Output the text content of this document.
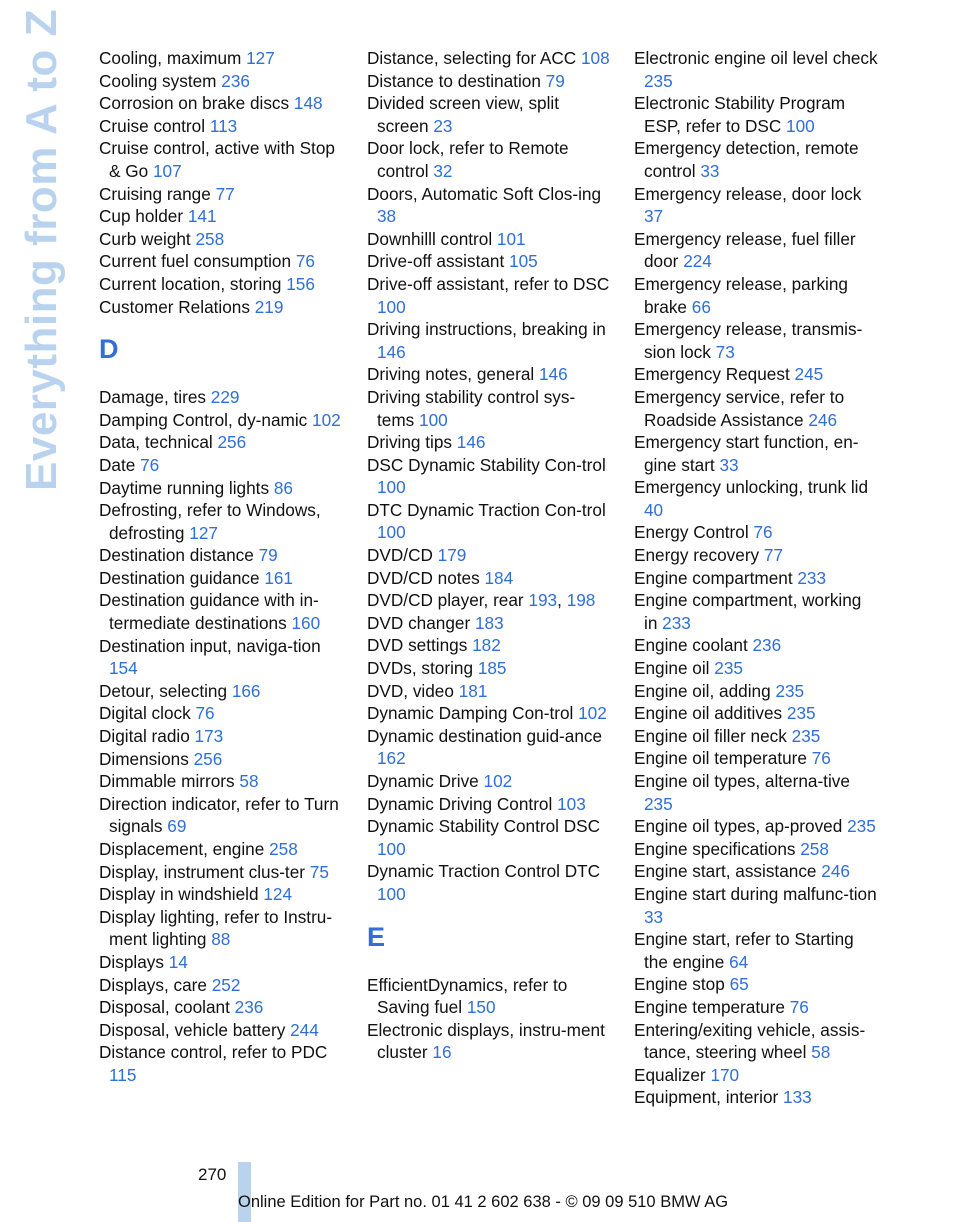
Everything from A to Z Cooling, maximum 127
Cooling system 236
Corrosion on brake discs 148
Cruise control 113
Cruise control, active with Stop & Go 107
Cruising range 77
Cup holder 141
Curb weight 258
Current fuel consumption 76
Current location, storing 156
Customer Relations 219
D
Damage, tires 229
Damping Control, dy-namic 102
Data, technical 256
Date 76
Daytime running lights 86
Defrosting, refer to Windows, defrosting 127
Destination distance 79
Destination guidance 161
Destination guidance with in-termediate destinations 160
Destination input, naviga-tion 154
Detour, selecting 166
Digital clock 76
Digital radio 173
Dimensions 256
Dimmable mirrors 58
Direction indicator, refer to Turn signals 69
Displacement, engine 258
Display, instrument clus-ter 75
Display in windshield 124
Display lighting, refer to Instru-ment lighting 88
Displays 14
Displays, care 252
Disposal, coolant 236
Disposal, vehicle battery 244
Distance control, refer to PDC 115
Distance, selecting for ACC 108
Distance to destination 79
Divided screen view, split screen 23
Door lock, refer to Remote control 32
Doors, Automatic Soft Clos-ing 38
Downhilll control 101
Drive-off assistant 105
Drive-off assistant, refer to DSC 100
Driving instructions, breaking in 146
Driving notes, general 146
Driving stability control sys-tems 100
Driving tips 146
DSC Dynamic Stability Con-trol 100
DTC Dynamic Traction Con-trol 100
DVD/CD 179
DVD/CD notes 184
DVD/CD player, rear 193, 198
DVD changer 183
DVD settings 182
DVDs, storing 185
DVD, video 181
Dynamic Damping Con-trol 102
Dynamic destination guid-ance 162
Dynamic Drive 102
Dynamic Driving Control 103
Dynamic Stability Control DSC 100
Dynamic Traction Control DTC 100
E
EfficientDynamics, refer to Saving fuel 150
Electronic displays, instru-ment cluster 16
Electronic engine oil level check 235
Electronic Stability Program ESP, refer to DSC 100
Emergency detection, remote control 33
Emergency release, door lock 37
Emergency release, fuel filler door 224
Emergency release, parking brake 66
Emergency release, transmis-sion lock 73
Emergency Request 245
Emergency service, refer to Roadside Assistance 246
Emergency start function, en-gine start 33
Emergency unlocking, trunk lid 40
Energy Control 76
Energy recovery 77
Engine compartment 233
Engine compartment, working in 233
Engine coolant 236
Engine oil 235
Engine oil, adding 235
Engine oil additives 235
Engine oil filler neck 235
Engine oil temperature 76
Engine oil types, alterna-tive 235
Engine oil types, ap-proved 235
Engine specifications 258
Engine start, assistance 246
Engine start during malfunc-tion 33
Engine start, refer to Starting the engine 64
Engine stop 65
Engine temperature 76
Entering/exiting vehicle, assis-tance, steering wheel 58
Equalizer 170
Equipment, interior 133
270
Online Edition for Part no. 01 41 2 602 638 - © 09 09 510 BMW AG
